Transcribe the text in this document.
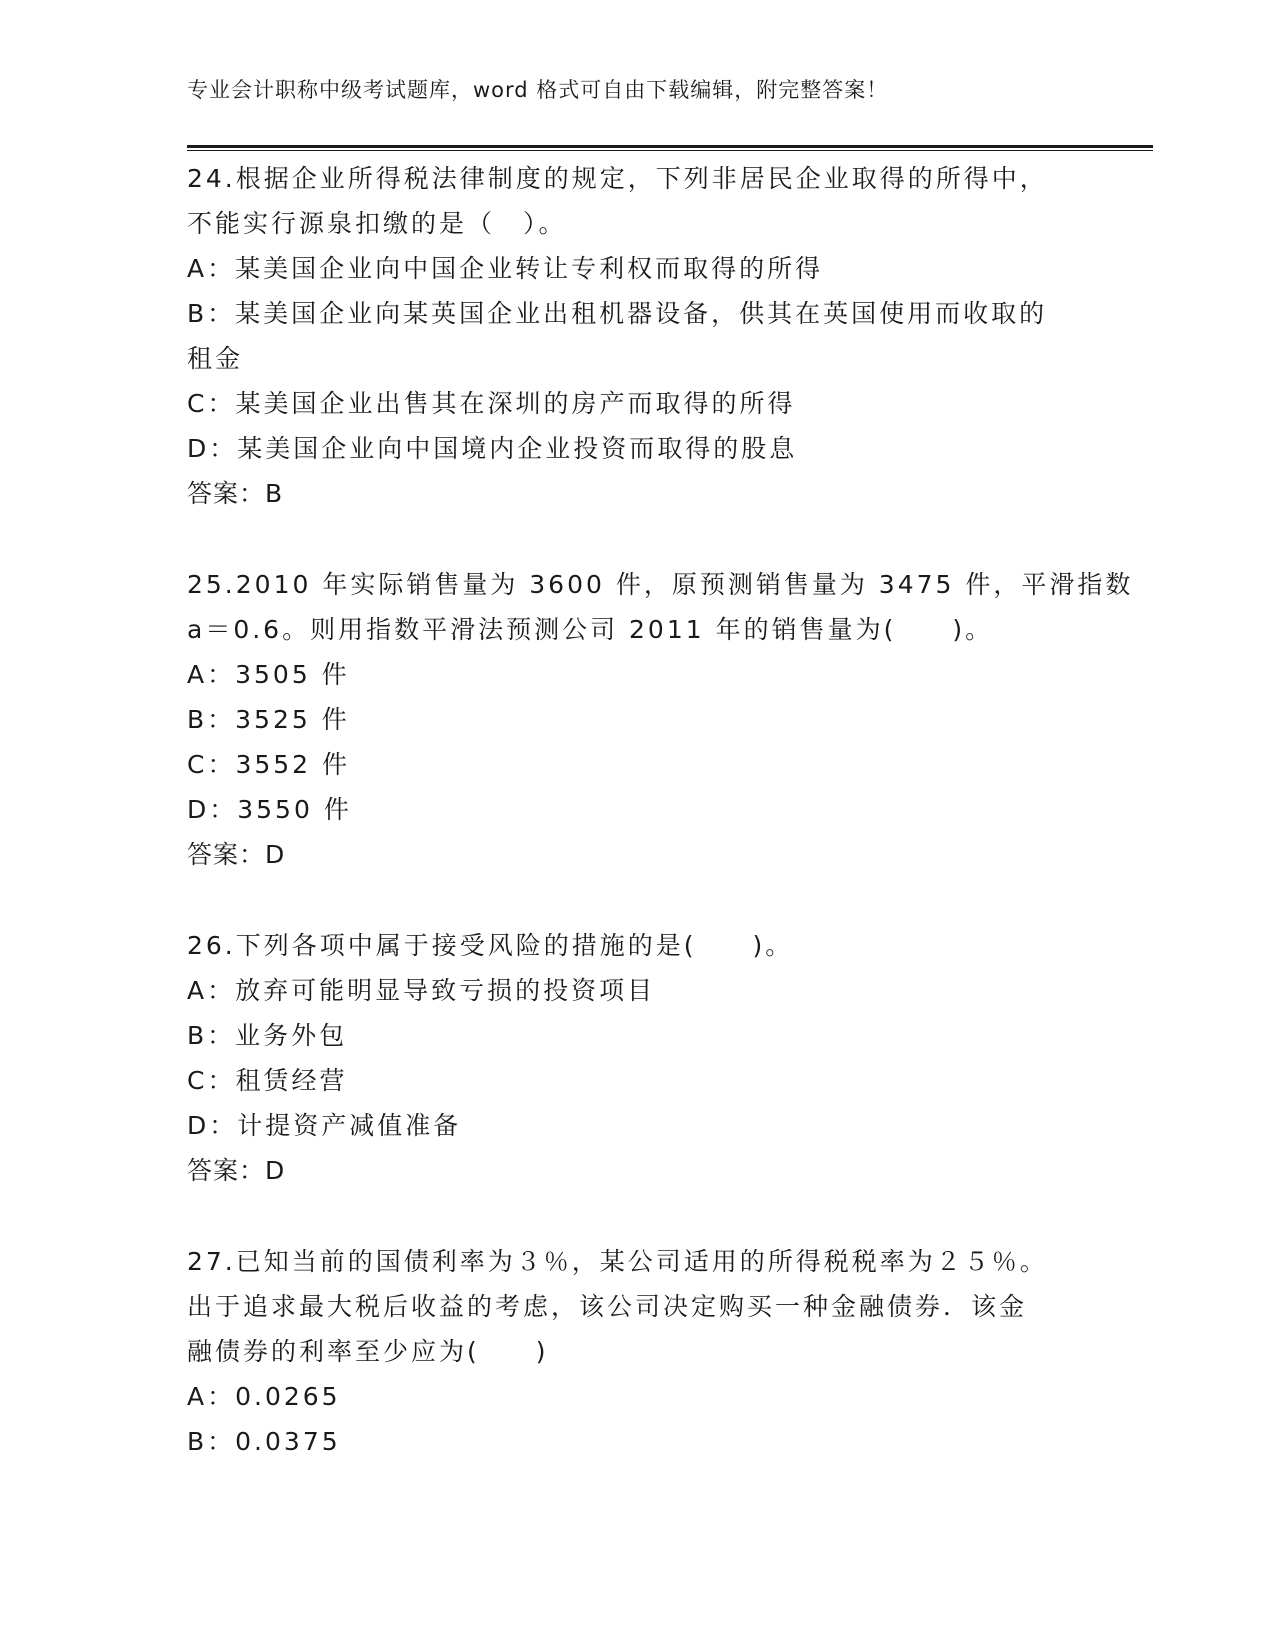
专业会计职称中级考试题库，word 格式可自由下载编辑，附完整答案！
24.根据企业所得税法律制度的规定，下列非居民企业取得的所得中，
不能实行源泉扣缴的是（　）。
A：某美国企业向中国企业转让专利权而取得的所得
B：某美国企业向某英国企业出租机器设备，供其在英国使用而收取的
租金
C：某美国企业出售其在深圳的房产而取得的所得
D：某美国企业向中国境内企业投资而取得的股息
答案：B
25.2010 年实际销售量为 3600 件，原预测销售量为 3475 件，平滑指数
a＝0.6。则用指数平滑法预测公司 2011 年的销售量为(　　)。
A：3505 件
B：3525 件
C：3552 件
D：3550 件
答案：D
26.下列各项中属于接受风险的措施的是(　　)。
A：放弃可能明显导致亏损的投资项目
B：业务外包
C：租赁经营
D：计提资产减值准备
答案：D
27.已知当前的国债利率为３％，某公司适用的所得税税率为２５％。
出于追求最大税后收益的考虑，该公司决定购买一种金融债券．该金
融债券的利率至少应为(　　)
A：0.0265
B：0.0375
